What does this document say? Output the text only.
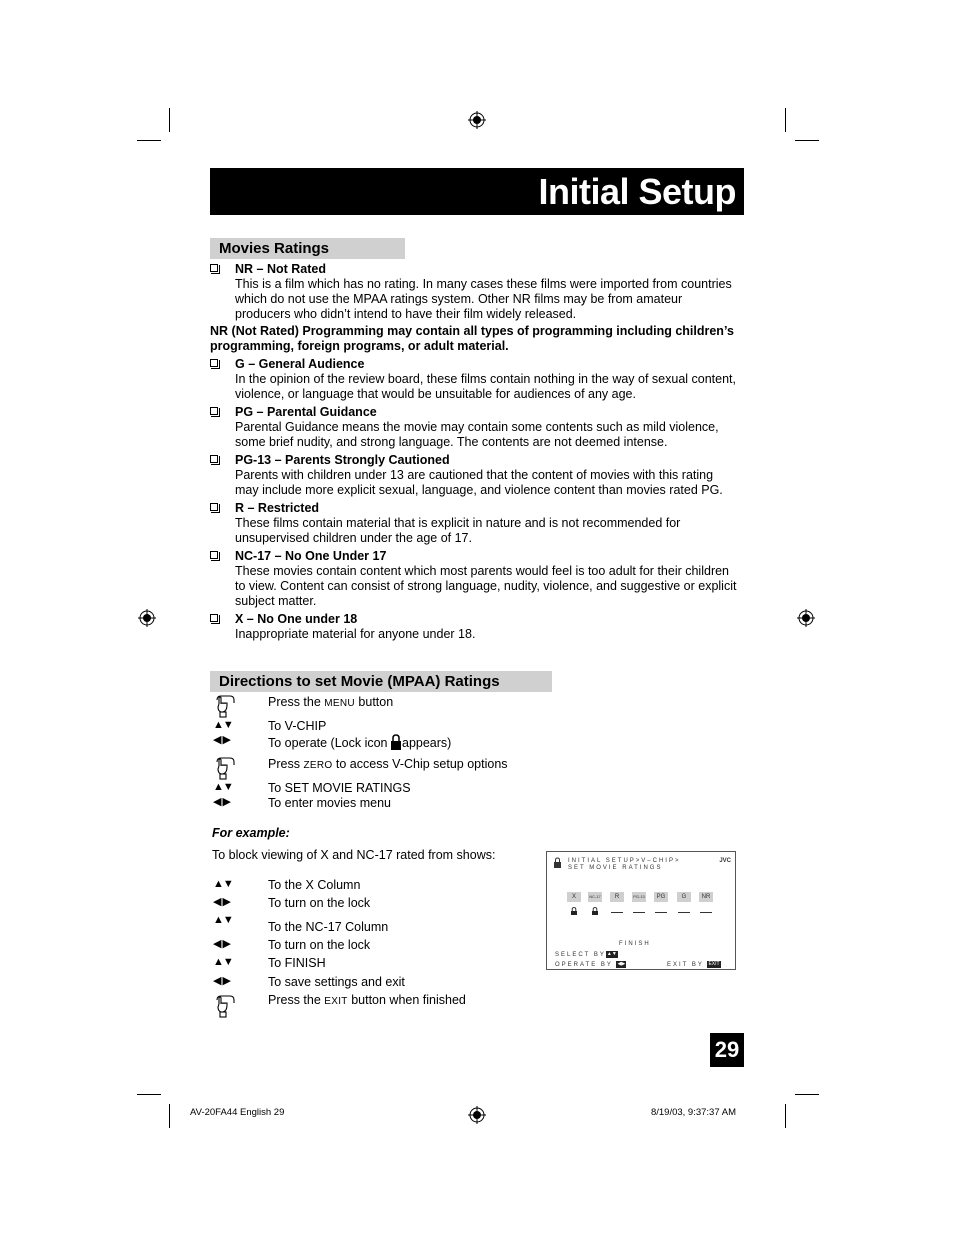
Initial Setup
Movies Ratings
NR – Not Rated
This is a film which has no rating. In many cases these films were imported from countries
which do not use the MPAA ratings system. Other NR films may be from amateur
producers who didn’t intend to have their film widely released.
NR (Not Rated) Programming may contain all types of programming including children’s
programming, foreign programs, or adult material.
G – General Audience
In the opinion of the review board, these films contain nothing in the way of sexual content,
violence, or language that would be unsuitable for audiences of any age.
PG – Parental Guidance
Parental Guidance means the movie may contain some contents such as mild violence,
some brief nudity, and strong language. The contents are not deemed intense.
PG-13 – Parents Strongly Cautioned
Parents with children under 13 are cautioned that the content of movies with this rating
may include more explicit sexual, language, and violence content than movies rated PG.
R – Restricted
These films contain material that is explicit in nature and is not recommended for
unsupervised children under the age of 17.
NC-17 – No One Under 17
These movies contain content which most parents would feel is too adult for their children
to view. Content can consist of strong language, nudity, violence, and suggestive or explicit
subject matter.
X – No One under 18
Inappropriate material for anyone under 18.
Directions to set Movie (MPAA) Ratings
Press the MENU button
▲▼	To V-CHIP
◀ ▶	To operate (Lock icon appears)
Press ZERO to access V-Chip setup options
▲▼	To SET MOVIE RATINGS
◀ ▶	To enter movies menu
For example:
To block viewing of X and NC-17 rated from shows:
▲▼	To the X Column
◀ ▶	To turn on the lock
▲▼	To the NC-17 Column
◀ ▶	To turn on the lock
▲▼	To FINISH
◀ ▶	To save settings and exit
Press the EXIT button when finished
INITIAL SETUP>V–CHIP>
SET MOVIE RATINGS
JVC
X	NC-17	R	PG-13	PG	G	NR
FINISH
SELECT BY▲▼
OPERATE BY ◀▶	EXIT BY EXIT
29
AV-20FA44 English 29	8/19/03, 9:37:37 AM
